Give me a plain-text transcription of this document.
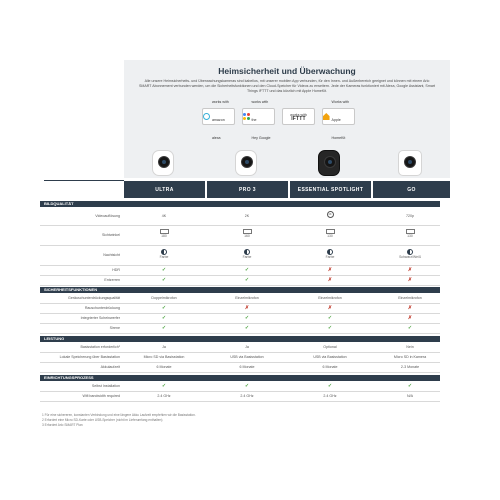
Heimsicherheit und Überwachung
Alle unsere Heimsicherheits- und Überwachungskameras sind kabellos, mit unserer mobilen App verbunden, für den Innen- und Außenbereich geeignet und können mit einem Arlo SMART Abonnement verbunden werden, um die Sicherheitsfunktionen und den Cloud-Speicher für Videos zu erweitern. Jede der Kameras funktioniert mit Alexa, Google Assistant, Smart Things IFTTT und das kürzlich mit Apple HomeKit.
works with
amazon alexa
works with the
Hey Google
works with
IFTTT
Works with
Apple HomeKit
ULTRA	PRO 3	ESSENTIAL SPOTLIGHT	GO
BILDQUALITÄT
Videoauflösung	4K	2K	4K	720p
Sichtwinkel	180	160	130	130
Nachtsicht	Farbe	Farbe	Farbe	Schwarz/Weiß
HDR	✓	✓	✗	✗
Entzerren	✓	✓	✗	✗
SICHERHEITSFUNKTIONEN
Geräuschunterdrückungsqualität	Doppelmikrofon	Einzelmikrofon	Einzelmikrofon	Einzelmikrofon
Rauschunterdrückung	✓	✗	✗	✗
Integrierter Scheinwerfer	✓	✓	✓	✗
Sirene	✓	✓	✓	✓
LEISTUNG
Basisstation erforderlich¹	Ja	Ja	Optional	Nein
Lokale Speicherung über Basisstation	Micro SD via Basisstation	USB via Basisstation	USB via Basisstation	Micro SD in Kamera
Akkulaufzeit	6 Monate	6 Monate	6 Monate	2-3 Monate
EINRICHTUNGSPROZESS
Selbst Installation	✓	✓	✓	✓
Wifi bandwidth required	2.4 GHz	2.4 GHz	2.4 GHz	N/A
1 Für eine sichereren, konstanten Verbindung und eine längere Akku Laufzeit empfehlen wir die Basisstation.
2 Erfordert eine Micro SD-Karte oder USB-Speicher (nicht im Lieferumfang enthalten)
3 Erfordert Arlo SMART Plan
